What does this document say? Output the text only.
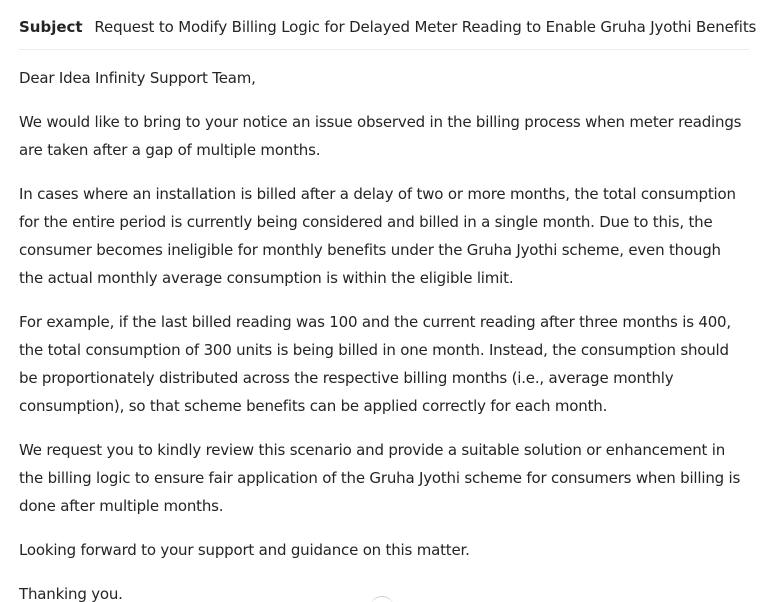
Subject Request to Modify Billing Logic for Delayed Meter Reading to Enable Gruha Jyothi Benefits

Dear Idea Infinity Support Team,

We would like to bring to your notice an issue observed in the billing process when meter readings are taken after a gap of multiple months.

In cases where an installation is billed after a delay of two or more months, the total consumption for the entire period is currently being considered and billed in a single month. Due to this, the consumer becomes ineligible for monthly benefits under the Gruha Jyothi scheme, even though the actual monthly average consumption is within the eligible limit.

For example, if the last billed reading was 100 and the current reading after three months is 400, the total consumption of 300 units is being billed in one month. Instead, the consumption should be proportionately distributed across the respective billing months (i.e., average monthly consumption), so that scheme benefits can be applied correctly for each month.

We request you to kindly review this scenario and provide a suitable solution or enhancement in the billing logic to ensure fair application of the Gruha Jyothi scheme for consumers when billing is done after multiple months.

Looking forward to your support and guidance on this matter.

Thanking you.
